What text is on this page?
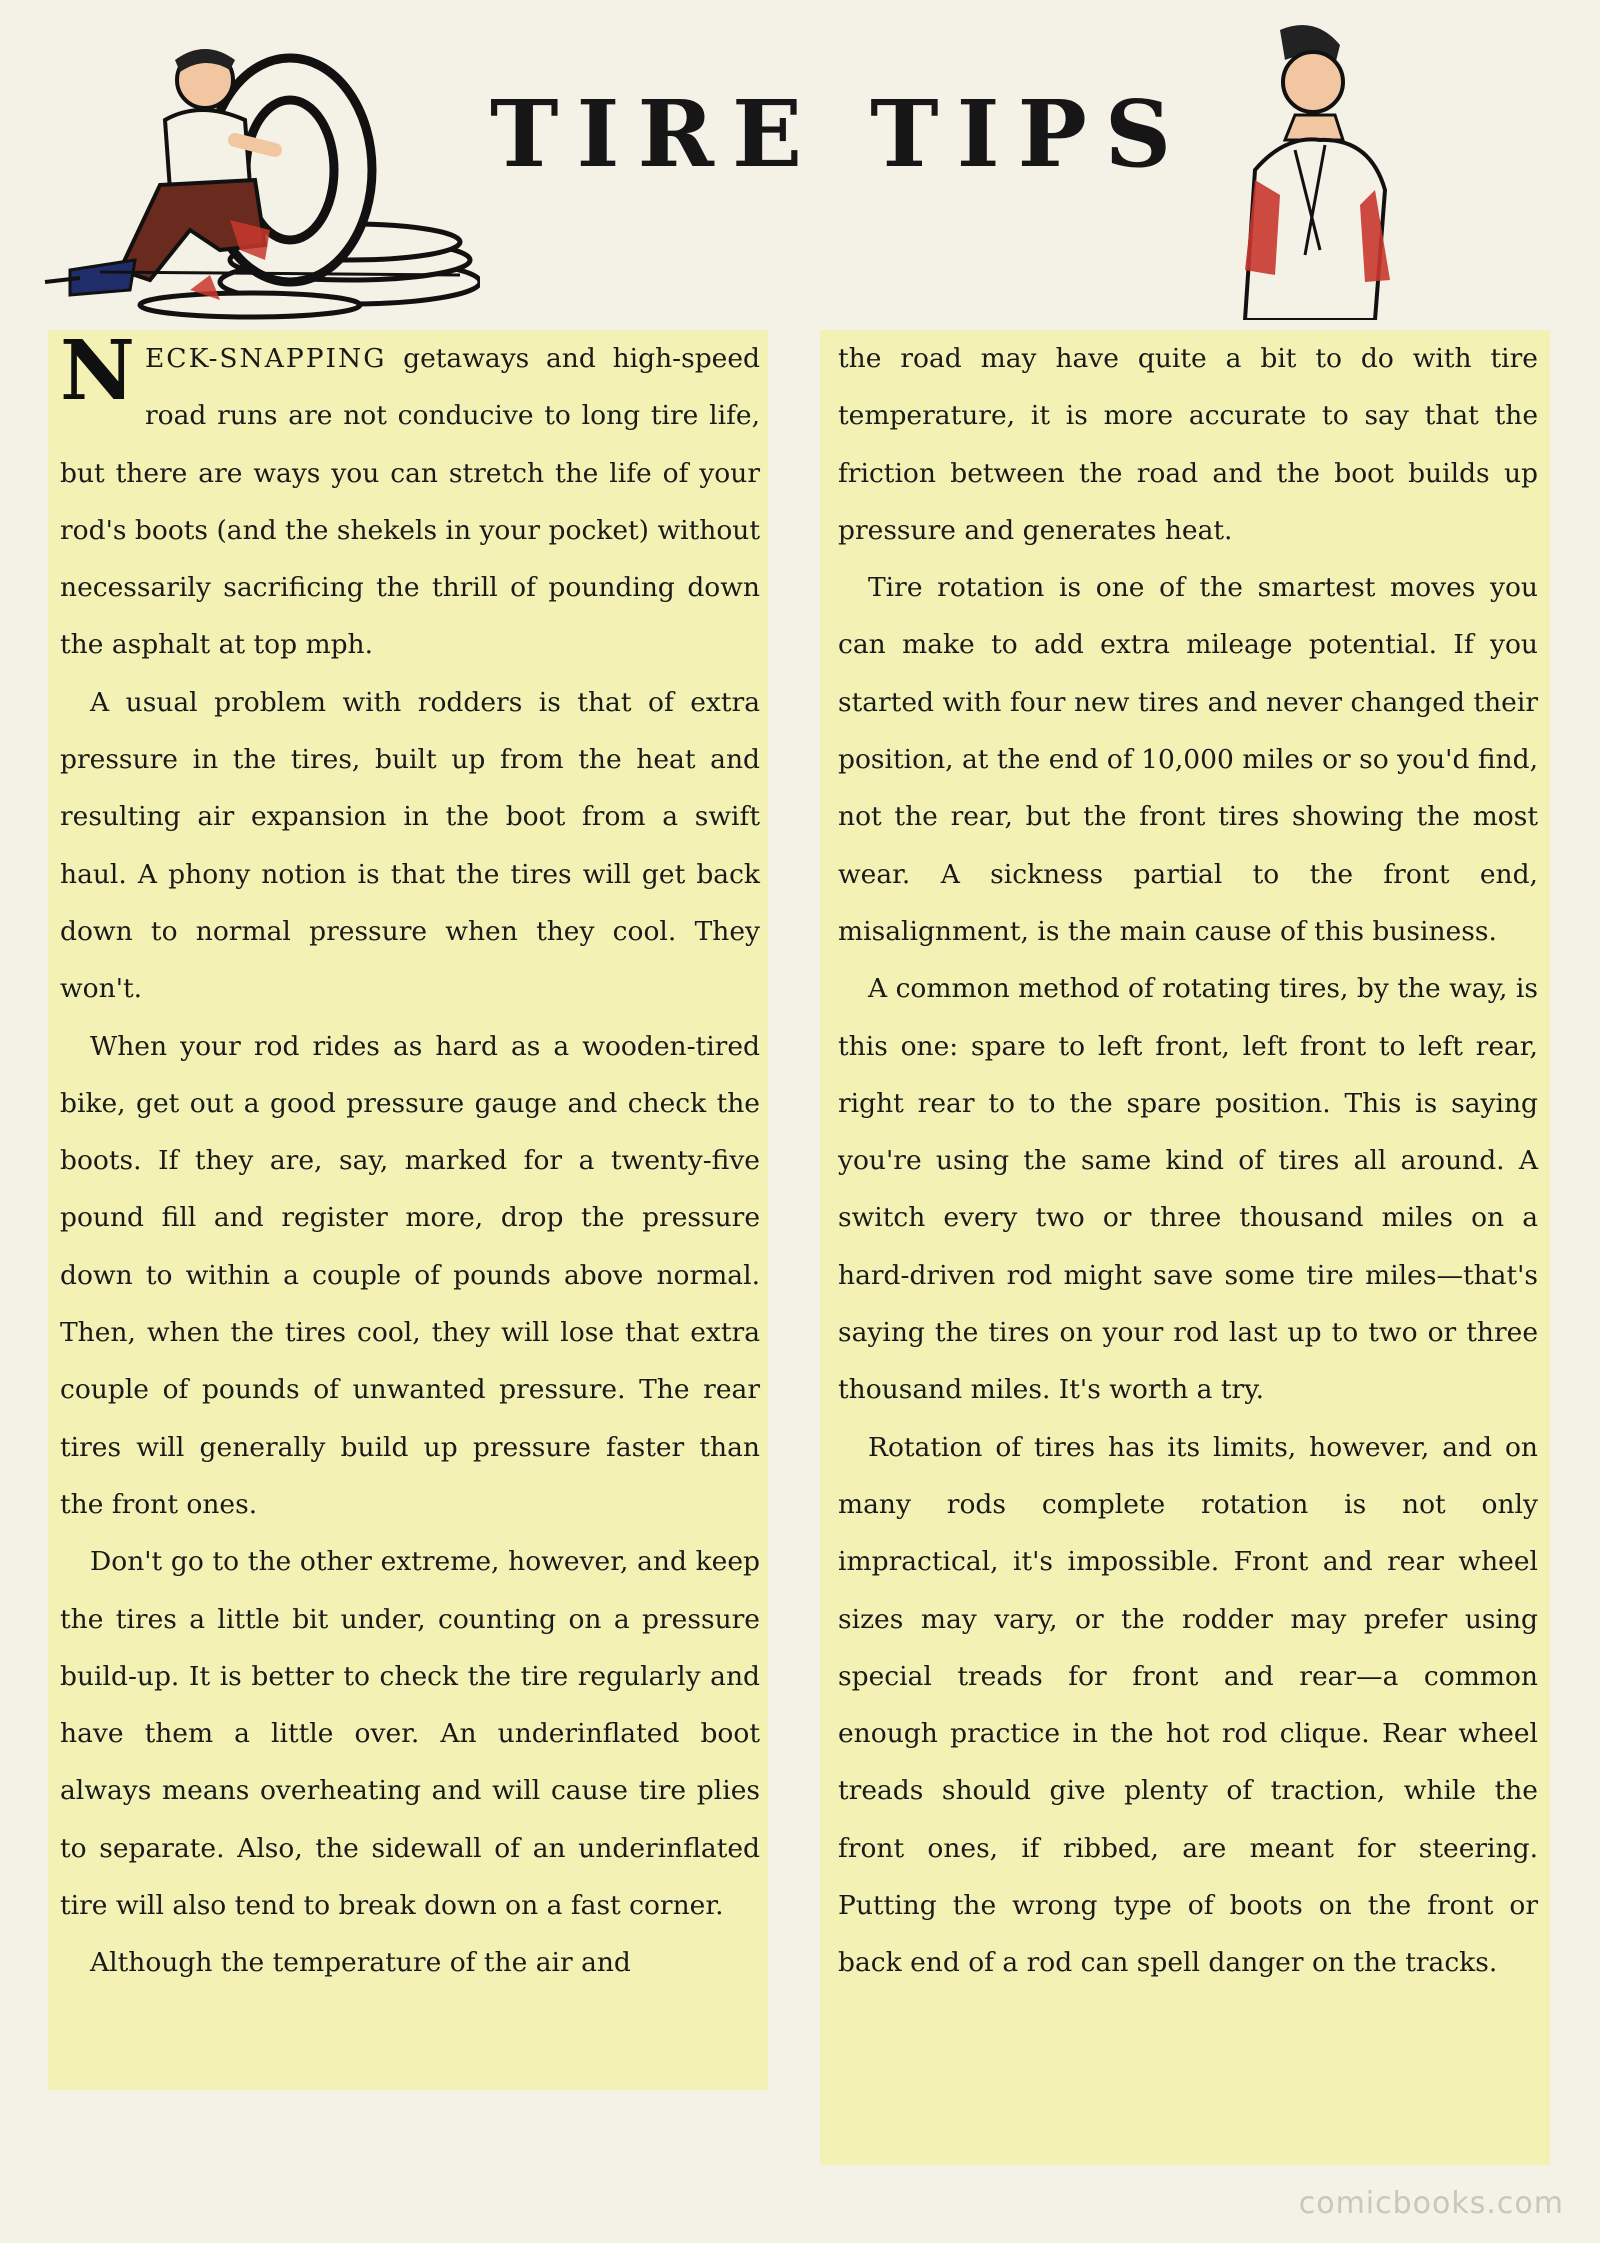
TIRE TIPS

NECK-SNAPPING getaways and high-speed road runs are not conducive to long tire life, but there are ways you can stretch the life of your rod's boots (and the shekels in your pocket) without necessarily sacrificing the thrill of pounding down the asphalt at top mph.

A usual problem with rodders is that of extra pressure in the tires, built up from the heat and resulting air expansion in the boot from a swift haul. A phony notion is that the tires will get back down to normal pressure when they cool. They won't.

When your rod rides as hard as a wooden-tired bike, get out a good pressure gauge and check the boots. If they are, say, marked for a twenty-five pound fill and register more, drop the pressure down to within a couple of pounds above normal. Then, when the tires cool, they will lose that extra couple of pounds of unwanted pressure. The rear tires will generally build up pressure faster than the front ones.

Don't go to the other extreme, however, and keep the tires a little bit under, counting on a pressure build-up. It is better to check the tire regularly and have them a little over. An underinflated boot always means overheating and will cause tire plies to separate. Also, the sidewall of an underinflated tire will also tend to break down on a fast corner.

Although the temperature of the air and

the road may have quite a bit to do with tire temperature, it is more accurate to say that the friction between the road and the boot builds up pressure and generates heat.

Tire rotation is one of the smartest moves you can make to add extra mileage potential. If you started with four new tires and never changed their position, at the end of 10,000 miles or so you'd find, not the rear, but the front tires showing the most wear. A sickness partial to the front end, misalignment, is the main cause of this business.

A common method of rotating tires, by the way, is this one: spare to left front, left front to left rear, right rear to to the spare position. This is saying you're using the same kind of tires all around. A switch every two or three thousand miles on a hard-driven rod might save some tire miles—that's saying the tires on your rod last up to two or three thousand miles. It's worth a try.

Rotation of tires has its limits, however, and on many rods complete rotation is not only impractical, it's impossible. Front and rear wheel sizes may vary, or the rodder may prefer using special treads for front and rear—a common enough practice in the hot rod clique. Rear wheel treads should give plenty of traction, while the front ones, if ribbed, are meant for steering. Putting the wrong type of boots on the front or back end of a rod can spell danger on the tracks.

comicbooks.com
